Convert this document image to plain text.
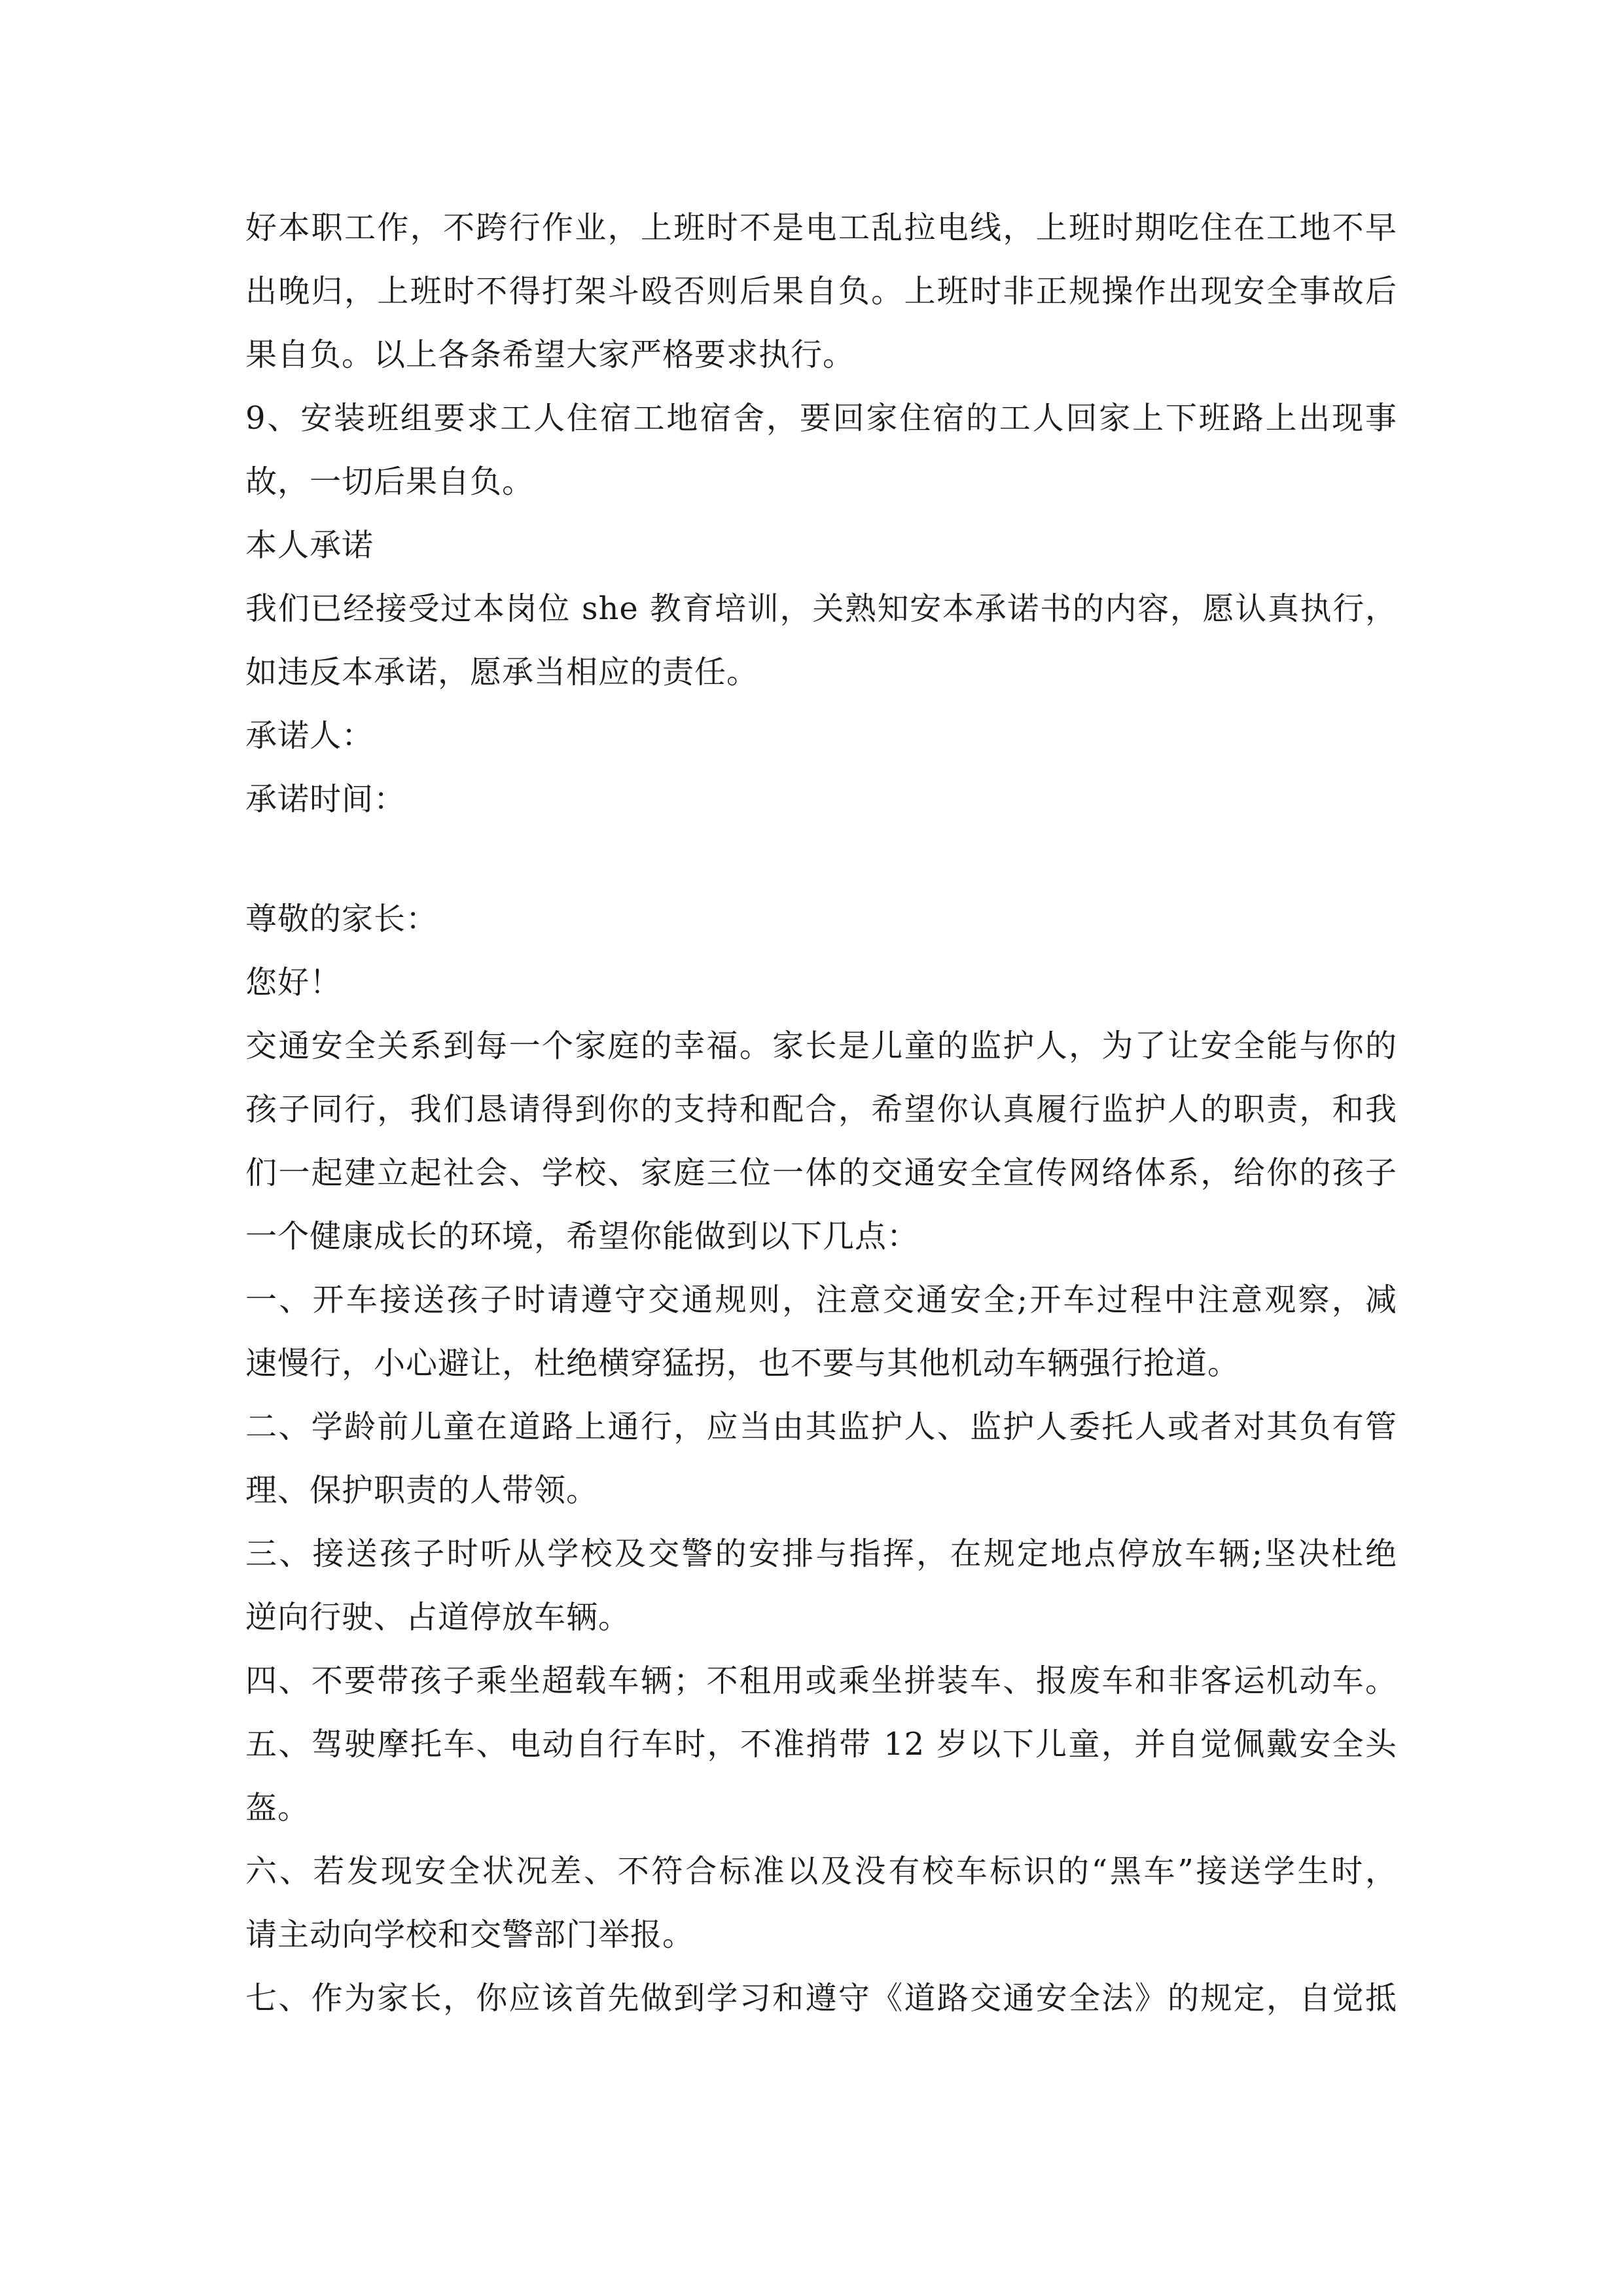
好本职工作，不跨行作业，上班时不是电工乱拉电线，上班时期吃住在工地不早
出晚归，上班时不得打架斗殴否则后果自负。上班时非正规操作出现安全事故后
果自负。以上各条希望大家严格要求执行。
9、安装班组要求工人住宿工地宿舍，要回家住宿的工人回家上下班路上出现事
故，一切后果自负。
本人承诺
我们已经接受过本岗位 she 教育培训，关熟知安本承诺书的内容，愿认真执行，
如违反本承诺，愿承当相应的责任。
承诺人：
承诺时间：
尊敬的家长：
您好！
交通安全关系到每一个家庭的幸福。家长是儿童的监护人，为了让安全能与你的
孩子同行，我们恳请得到你的支持和配合，希望你认真履行监护人的职责，和我
们一起建立起社会、学校、家庭三位一体的交通安全宣传网络体系，给你的孩子
一个健康成长的环境，希望你能做到以下几点：
一、开车接送孩子时请遵守交通规则，注意交通安全;开车过程中注意观察，减
速慢行，小心避让，杜绝横穿猛拐，也不要与其他机动车辆强行抢道。
二、学龄前儿童在道路上通行，应当由其监护人、监护人委托人或者对其负有管
理、保护职责的人带领。
三、接送孩子时听从学校及交警的安排与指挥，在规定地点停放车辆;坚决杜绝
逆向行驶、占道停放车辆。
四、不要带孩子乘坐超载车辆；不租用或乘坐拼装车、报废车和非客运机动车。
五、驾驶摩托车、电动自行车时，不准捎带 12 岁以下儿童，并自觉佩戴安全头
盔。
六、若发现安全状况差、不符合标准以及没有校车标识的“黑车”接送学生时，
请主动向学校和交警部门举报。
七、作为家长，你应该首先做到学习和遵守《道路交通安全法》的规定，自觉抵
